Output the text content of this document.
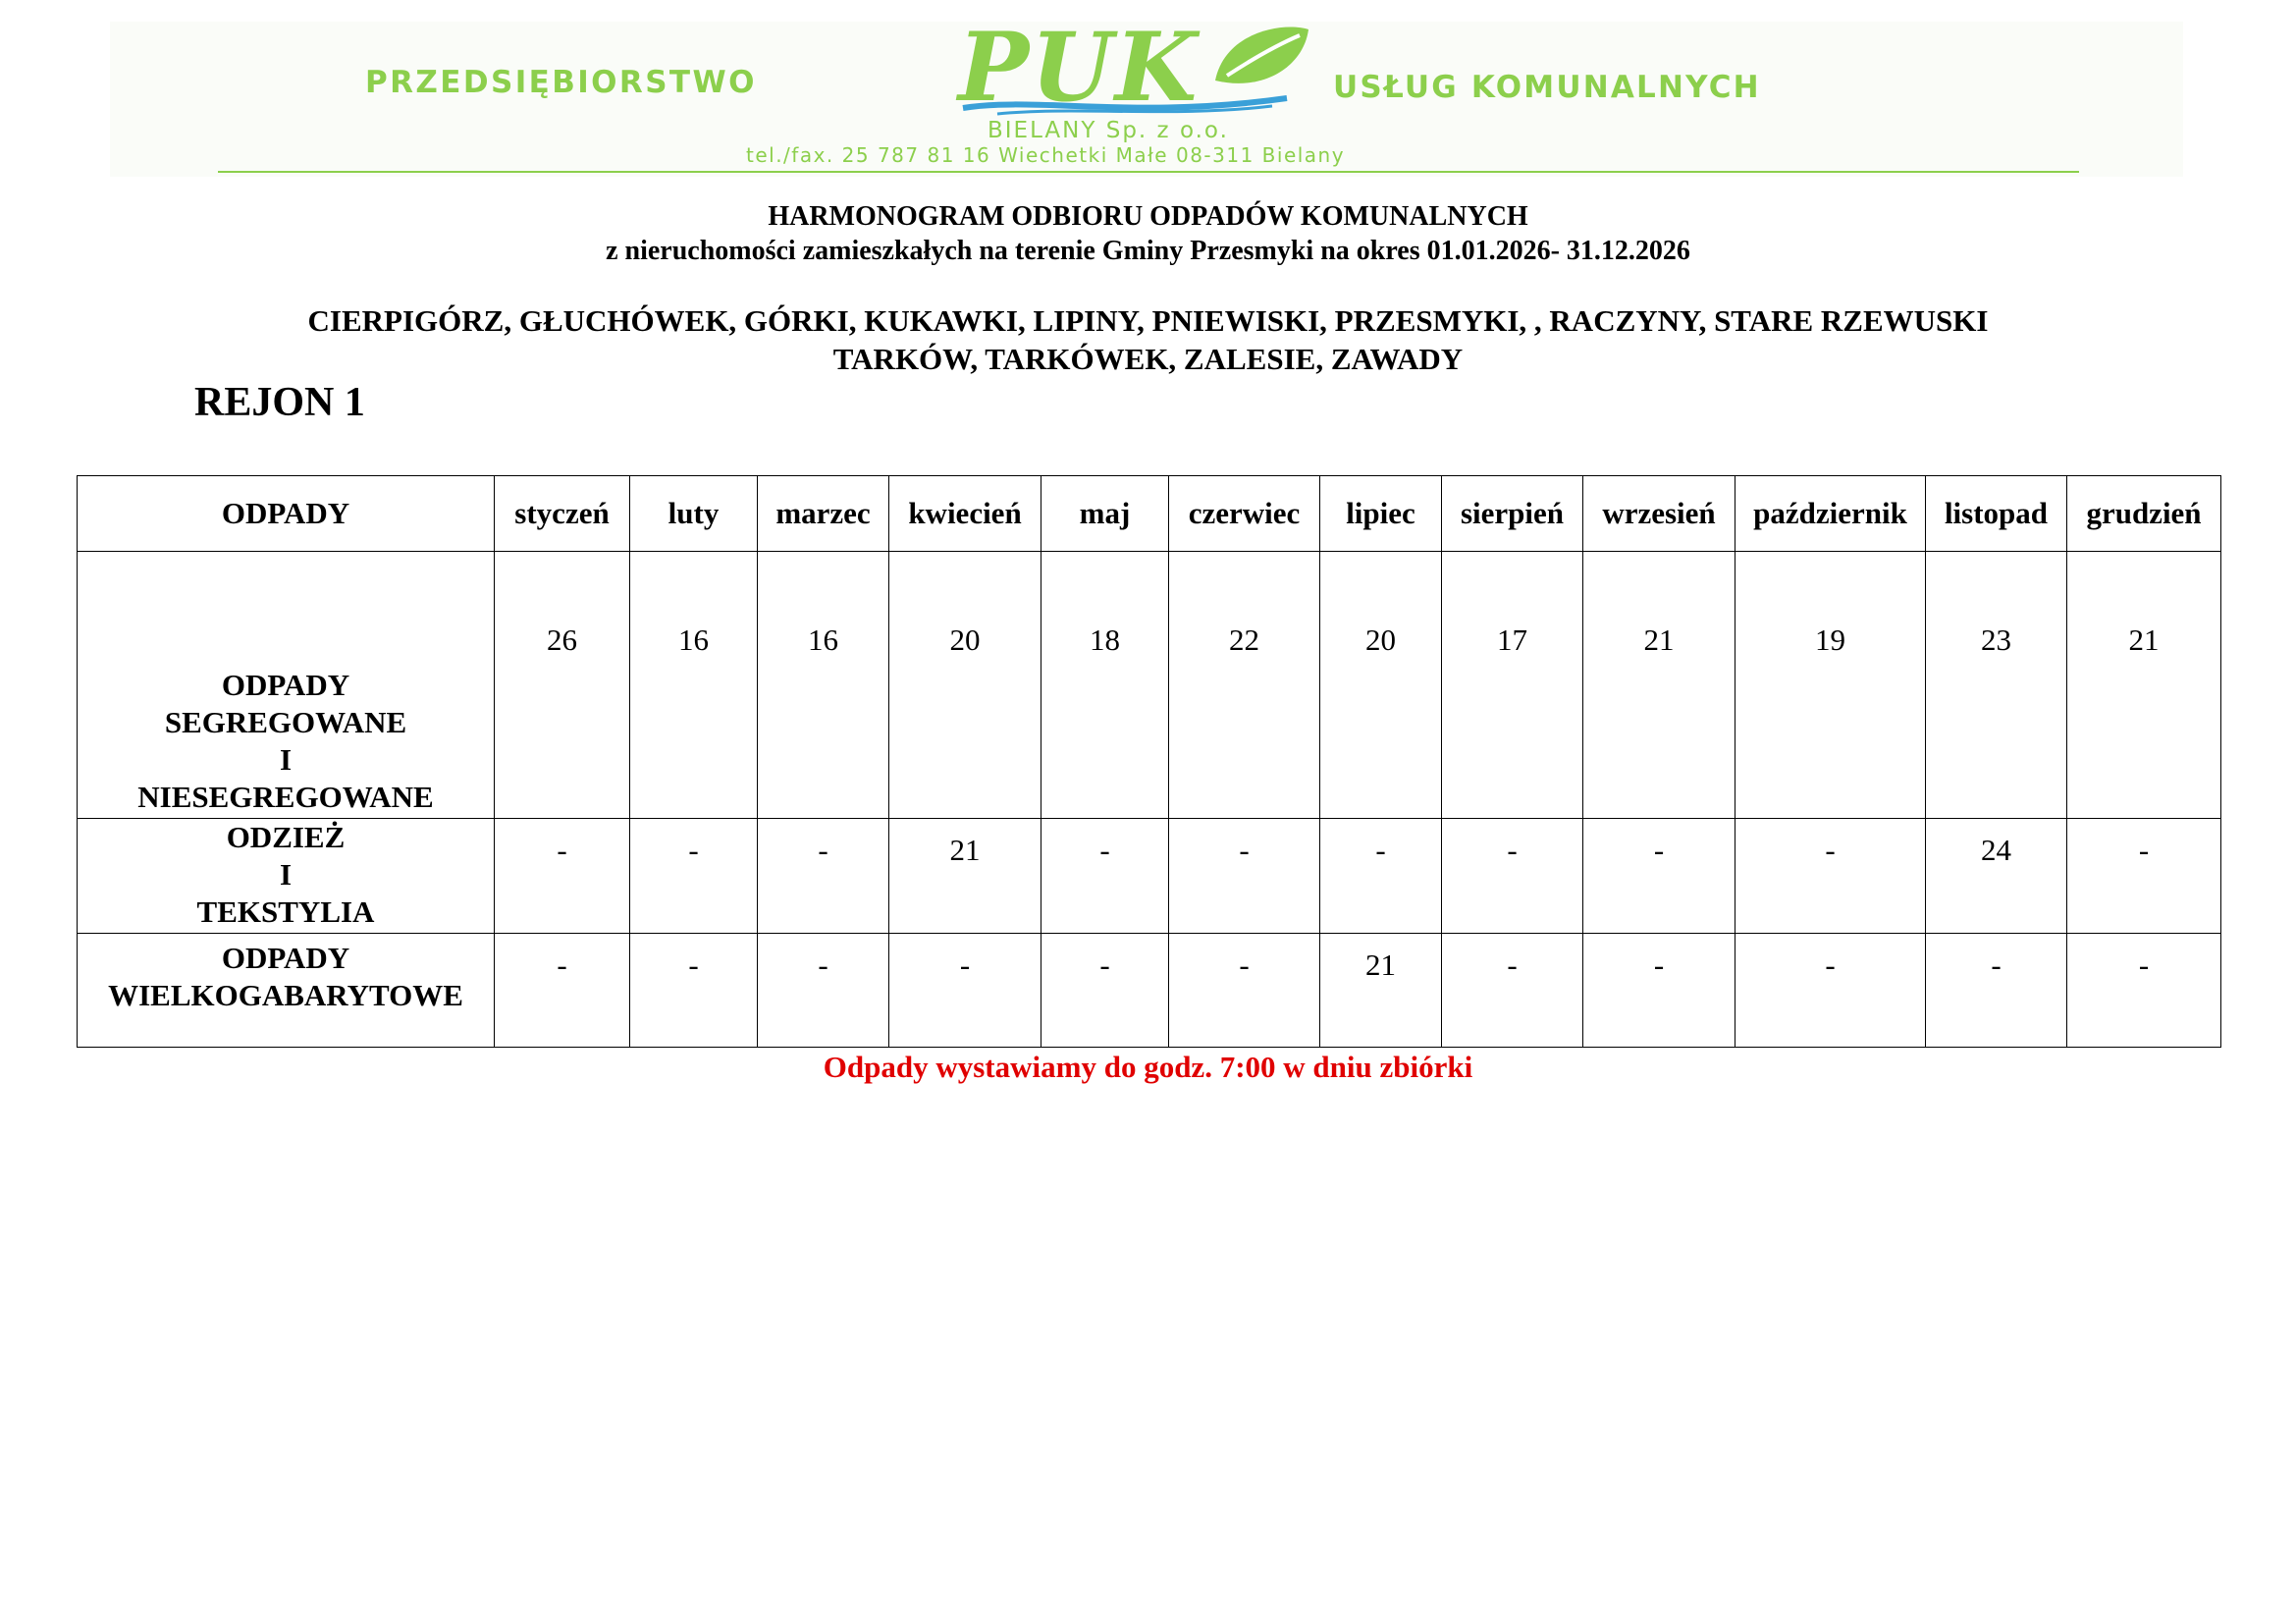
PRZEDSIĘBIORSTWO PUK	USŁUG KOMUNALNYCH
BIELANY Sp. z o.o.
tel./fax. 25 787 81 16 Wiechetki Małe 08-311 Bielany
HARMONOGRAM ODBIORU ODPADÓW KOMUNALNYCH
z nieruchomości zamieszkałych na terenie Gminy Przesmyki na okres 01.01.2026- 31.12.2026
CIERPIGÓRZ, GŁUCHÓWEK, GÓRKI, KUKAWKI, LIPINY, PNIEWISKI, PRZESMYKI, , RACZYNY, STARE RZEWUSKI
TARKÓW, TARKÓWEK, ZALESIE, ZAWADY
REJON 1
ODPADY	styczeń	luty	marzec	kwiecień	maj	czerwiec	lipiec	sierpień	wrzesień	październik	listopad	grudzień

ODPADY
SEGREGOWANE
I
NIESEGREGOWANE	26	16	16	20	18	22	20	17	21	19	23	21

ODZIEŻ
I
TEKSTYLIA	-	-	-	21	-	-	-	-	-	-	24	-

ODPADY
WIELKOGABARYTOWE	-	-	-	-	-	-	21	-	-	-	-	-
Odpady wystawiamy do godz. 7:00 w dniu zbiórki
